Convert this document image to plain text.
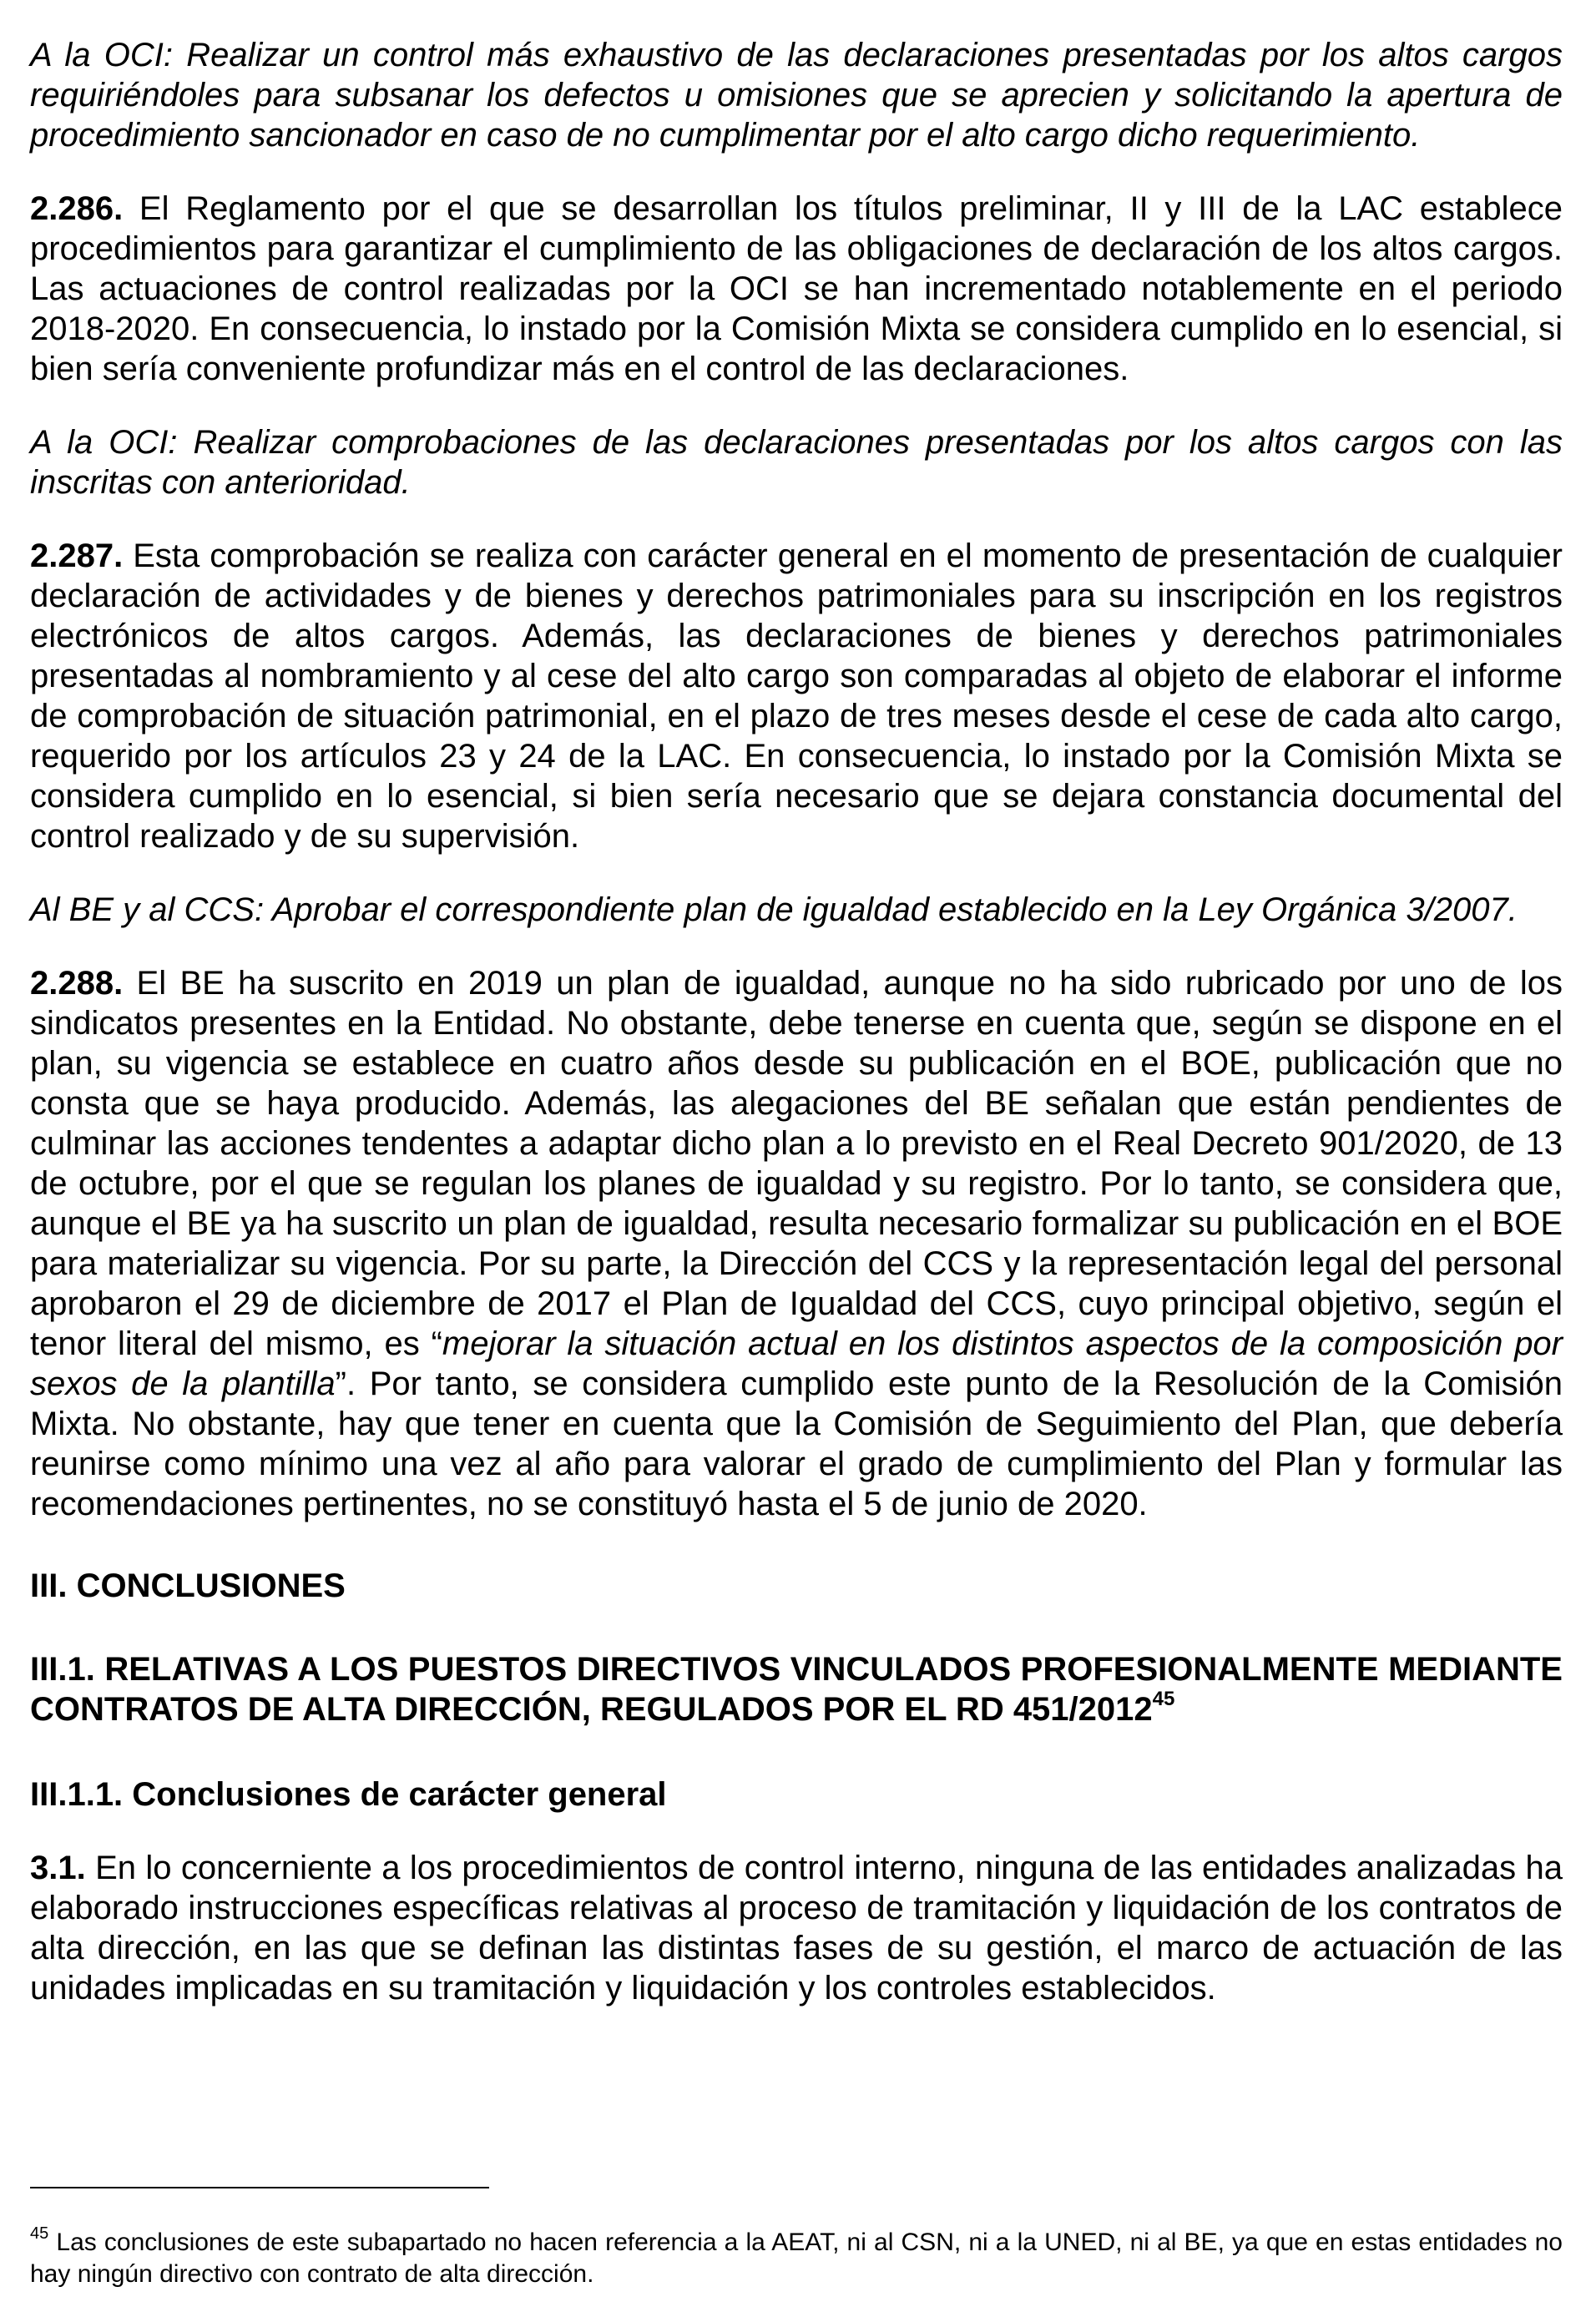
A la OCI: Realizar un control más exhaustivo de las declaraciones presentadas por los altos cargos requiriéndoles para subsanar los defectos u omisiones que se aprecien y solicitando la apertura de procedimiento sancionador en caso de no cumplimentar por el alto cargo dicho requerimiento.

2.286. El Reglamento por el que se desarrollan los títulos preliminar, II y III de la LAC establece procedimientos para garantizar el cumplimiento de las obligaciones de declaración de los altos cargos. Las actuaciones de control realizadas por la OCI se han incrementado notablemente en el periodo 2018-2020. En consecuencia, lo instado por la Comisión Mixta se considera cumplido en lo esencial, si bien sería conveniente profundizar más en el control de las declaraciones.

A la OCI: Realizar comprobaciones de las declaraciones presentadas por los altos cargos con las inscritas con anterioridad.

2.287. Esta comprobación se realiza con carácter general en el momento de presentación de cualquier declaración de actividades y de bienes y derechos patrimoniales para su inscripción en los registros electrónicos de altos cargos. Además, las declaraciones de bienes y derechos patrimoniales presentadas al nombramiento y al cese del alto cargo son comparadas al objeto de elaborar el informe de comprobación de situación patrimonial, en el plazo de tres meses desde el cese de cada alto cargo, requerido por los artículos 23 y 24 de la LAC. En consecuencia, lo instado por la Comisión Mixta se considera cumplido en lo esencial, si bien sería necesario que se dejara constancia documental del control realizado y de su supervisión.

Al BE y al CCS: Aprobar el correspondiente plan de igualdad establecido en la Ley Orgánica 3/2007.

2.288. El BE ha suscrito en 2019 un plan de igualdad, aunque no ha sido rubricado por uno de los sindicatos presentes en la Entidad. No obstante, debe tenerse en cuenta que, según se dispone en el plan, su vigencia se establece en cuatro años desde su publicación en el BOE, publicación que no consta que se haya producido. Además, las alegaciones del BE señalan que están pendientes de culminar las acciones tendentes a adaptar dicho plan a lo previsto en el Real Decreto 901/2020, de 13 de octubre, por el que se regulan los planes de igualdad y su registro. Por lo tanto, se considera que, aunque el BE ya ha suscrito un plan de igualdad, resulta necesario formalizar su publicación en el BOE para materializar su vigencia. Por su parte, la Dirección del CCS y la representación legal del personal aprobaron el 29 de diciembre de 2017 el Plan de Igualdad del CCS, cuyo principal objetivo, según el tenor literal del mismo, es “mejorar la situación actual en los distintos aspectos de la composición por sexos de la plantilla”. Por tanto, se considera cumplido este punto de la Resolución de la Comisión Mixta. No obstante, hay que tener en cuenta que la Comisión de Seguimiento del Plan, que debería reunirse como mínimo una vez al año para valorar el grado de cumplimiento del Plan y formular las recomendaciones pertinentes, no se constituyó hasta el 5 de junio de 2020.

III. CONCLUSIONES
III.1. RELATIVAS A LOS PUESTOS DIRECTIVOS VINCULADOS PROFESIONALMENTE MEDIANTE CONTRATOS DE ALTA DIRECCIÓN, REGULADOS POR EL RD 451/2012$^{45}$
III.1.1. Conclusiones de carácter general

3.1. En lo concerniente a los procedimientos de control interno, ninguna de las entidades analizadas ha elaborado instrucciones específicas relativas al proceso de tramitación y liquidación de los contratos de alta dirección, en las que se definan las distintas fases de su gestión, el marco de actuación de las unidades implicadas en su tramitación y liquidación y los controles establecidos.

$^{45}$ Las conclusiones de este subapartado no hacen referencia a la AEAT, ni al CSN, ni a la UNED, ni al BE, ya que en estas entidades no hay ningún directivo con contrato de alta dirección.
